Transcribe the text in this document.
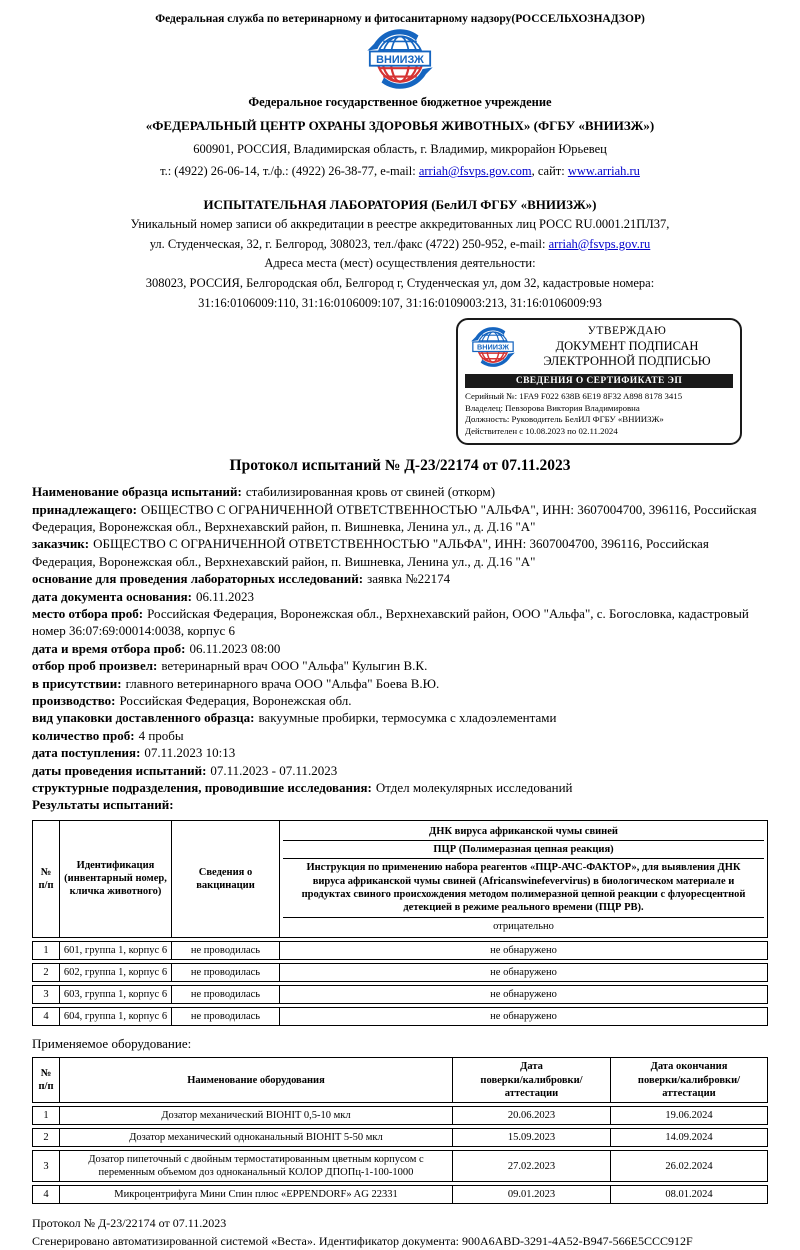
Федеральная служба по ветеринарному и фитосанитарному надзору(РОССЕЛЬХОЗНАДЗОР)
Федеральное государственное бюджетное учреждение
«ФЕДЕРАЛЬНЫЙ ЦЕНТР ОХРАНЫ ЗДОРОВЬЯ ЖИВОТНЫХ» (ФГБУ «ВНИИЗЖ»)
600901, РОССИЯ, Владимирская область, г. Владимир, микрорайон Юрьевец
т.: (4922) 26-06-14, т./ф.: (4922) 26-38-77, e-mail: arriah@fsvps.gov.com, сайт: www.arriah.ru
ИСПЫТАТЕЛЬНАЯ ЛАБОРАТОРИЯ (БелИЛ ФГБУ «ВНИИЗЖ»)
Уникальный номер записи об аккредитации в реестре аккредитованных лиц РОСС RU.0001.21ПЛ37,
ул. Студенческая, 32, г. Белгород, 308023, тел./факс (4722) 250-952, e-mail: arriah@fsvps.gov.ru
Адреса места (мест) осуществления деятельности:
308023, РОССИЯ, Белгородская обл, Белгород г, Студенческая ул, дом 32, кадастровые номера:
31:16:0106009:110, 31:16:0106009:107, 31:16:0109003:213, 31:16:0106009:93
УТВЕРЖДАЮ
ДОКУМЕНТ ПОДПИСАН
ЭЛЕКТРОННОЙ ПОДПИСЬЮ
СВЕДЕНИЯ О СЕРТИФИКАТЕ ЭП
Серийный №: 1FA9 F022 638B 6E19 8F32 A898 8178 3415
Владелец: Певзорова Виктория Владимировна
Должность: Руководитель БелИЛ ФГБУ «ВНИИЗЖ»
Действителен с 10.08.2023 по 02.11.2024
Протокол испытаний № Д-23/22174 от 07.11.2023

Наименование образца испытаний: стабилизированная кровь от свиней (откорм)

принадлежащего: ОБЩЕСТВО С ОГРАНИЧЕННОЙ ОТВЕТСТВЕННОСТЬЮ "АЛЬФА", ИНН: 3607004700, 396116, Российская Федерация, Воронежская обл., Верхнехавский район, п. Вишневка, Ленина ул., д. Д.16 "А"

заказчик: ОБЩЕСТВО С ОГРАНИЧЕННОЙ ОТВЕТСТВЕННОСТЬЮ "АЛЬФА", ИНН: 3607004700, 396116, Российская Федерация, Воронежская обл., Верхнехавский район, п. Вишневка, Ленина ул., д. Д.16 "А"

основание для проведения лабораторных исследований: заявка №22174

дата документа основания: 06.11.2023

место отбора проб: Российская Федерация, Воронежская обл., Верхнехавский район, ООО "Альфа", с. Богословка, кадастровый номер 36:07:69:00014:0038, корпус 6

дата и время отбора проб: 06.11.2023 08:00

отбор проб произвел: ветеринарный врач ООО "Альфа" Кулыгин В.К.

в присутствии: главного ветеринарного врача ООО "Альфа" Боева В.Ю.

производство: Российская Федерация, Воронежская обл.

вид упаковки доставленного образца: вакуумные пробирки, термосумка с хладоэлементами

количество проб: 4 пробы

дата поступления: 07.11.2023 10:13

даты проведения испытаний: 07.11.2023 - 07.11.2023

структурные подразделения, проводившие исследования: Отдел молекулярных исследований

Результаты испытаний:

№ п/п	Идентификация (инвентарный номер, кличка животного)	Сведения о вакцинации	ДНК вируса африканской чумы свиней
ПЦР (Полимеразная цепная реакция)
Инструкция по применению набора реагентов «ПЦР-АЧС-ФАКТОР», для выявления ДНК вируса африканской чумы свиней (Africanswinefevervirus) в биологическом материале и продуктах свиного происхождения методом полимеразной цепной реакции с флуоресцентной детекцией в режиме реального времени (ПЦР РВ).
отрицательно

1	601, группа 1, корпус 6	не проводилась	не обнаружено
2	602, группа 1, корпус 6	не проводилась	не обнаружено
3	603, группа 1, корпус 6	не проводилась	не обнаружено
4	604, группа 1, корпус 6	не проводилась	не обнаружено
Применяемое оборудование:
№ п/п	Наименование оборудования	Дата
поверки/калибровки/аттестации	Дата окончания
поверки/калибровки/аттестации

1	Дозатор механический BIOHIT 0,5-10 мкл	20.06.2023	19.06.2024
2	Дозатор механический одноканальный BIOHIT 5-50 мкл	15.09.2023	14.09.2024
3	Дозатор пипеточный с двойным термостатированным цветным корпусом с переменным объемом доз одноканальный КОЛОР ДПОПц-1-100-1000	27.02.2023	26.02.2024
4	Микроцентрифуга Мини Спин плюс «EPPENDORF» AG 22331	09.01.2023	08.01.2024
Протокол № Д-23/22174 от 07.11.2023
Сгенерировано автоматизированной системой «Веста». Идентификатор документа: 900A6ABD-3291-4A52-B947-566E5CCC912F
